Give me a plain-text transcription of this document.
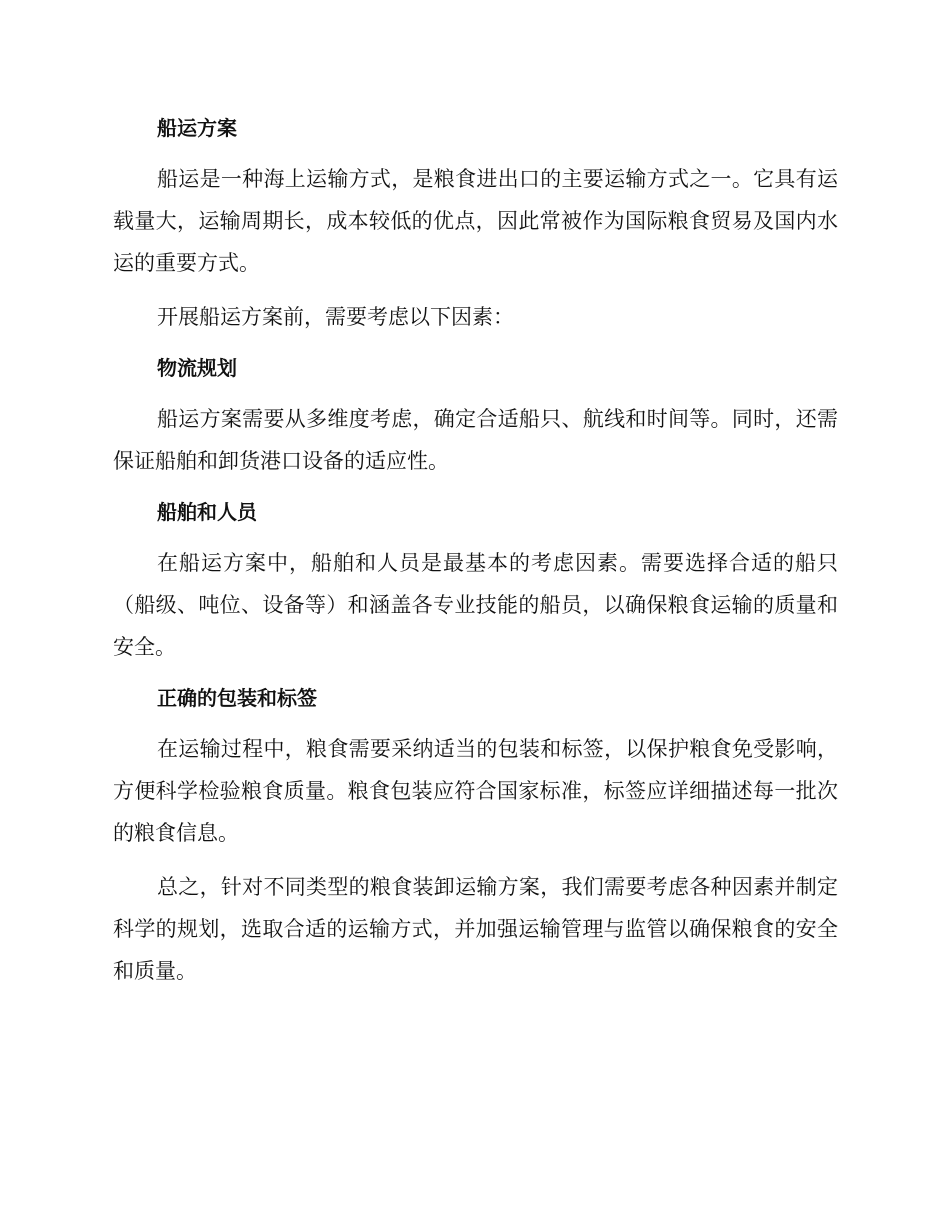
船运方案

船运是一种海上运输方式，是粮食进出口的主要运输方式之一。它具有运载量大，运输周期长，成本较低的优点，因此常被作为国际粮食贸易及国内水运的重要方式。

开展船运方案前，需要考虑以下因素：

物流规划

船运方案需要从多维度考虑，确定合适船只、航线和时间等。同时，还需保证船舶和卸货港口设备的适应性。

船舶和人员

在船运方案中，船舶和人员是最基本的考虑因素。需要选择合适的船只（船级、吨位、设备等）和涵盖各专业技能的船员，以确保粮食运输的质量和安全。

正确的包装和标签

在运输过程中，粮食需要采纳适当的包装和标签，以保护粮食免受影响， 方便科学检验粮食质量。粮食包装应符合国家标准，标签应详细描述每一批次的粮食信息。

总之，针对不同类型的粮食装卸运输方案，我们需要考虑各种因素并制定科学的规划，选取合适的运输方式，并加强运输管理与监管以确保粮食的安全和质量。
